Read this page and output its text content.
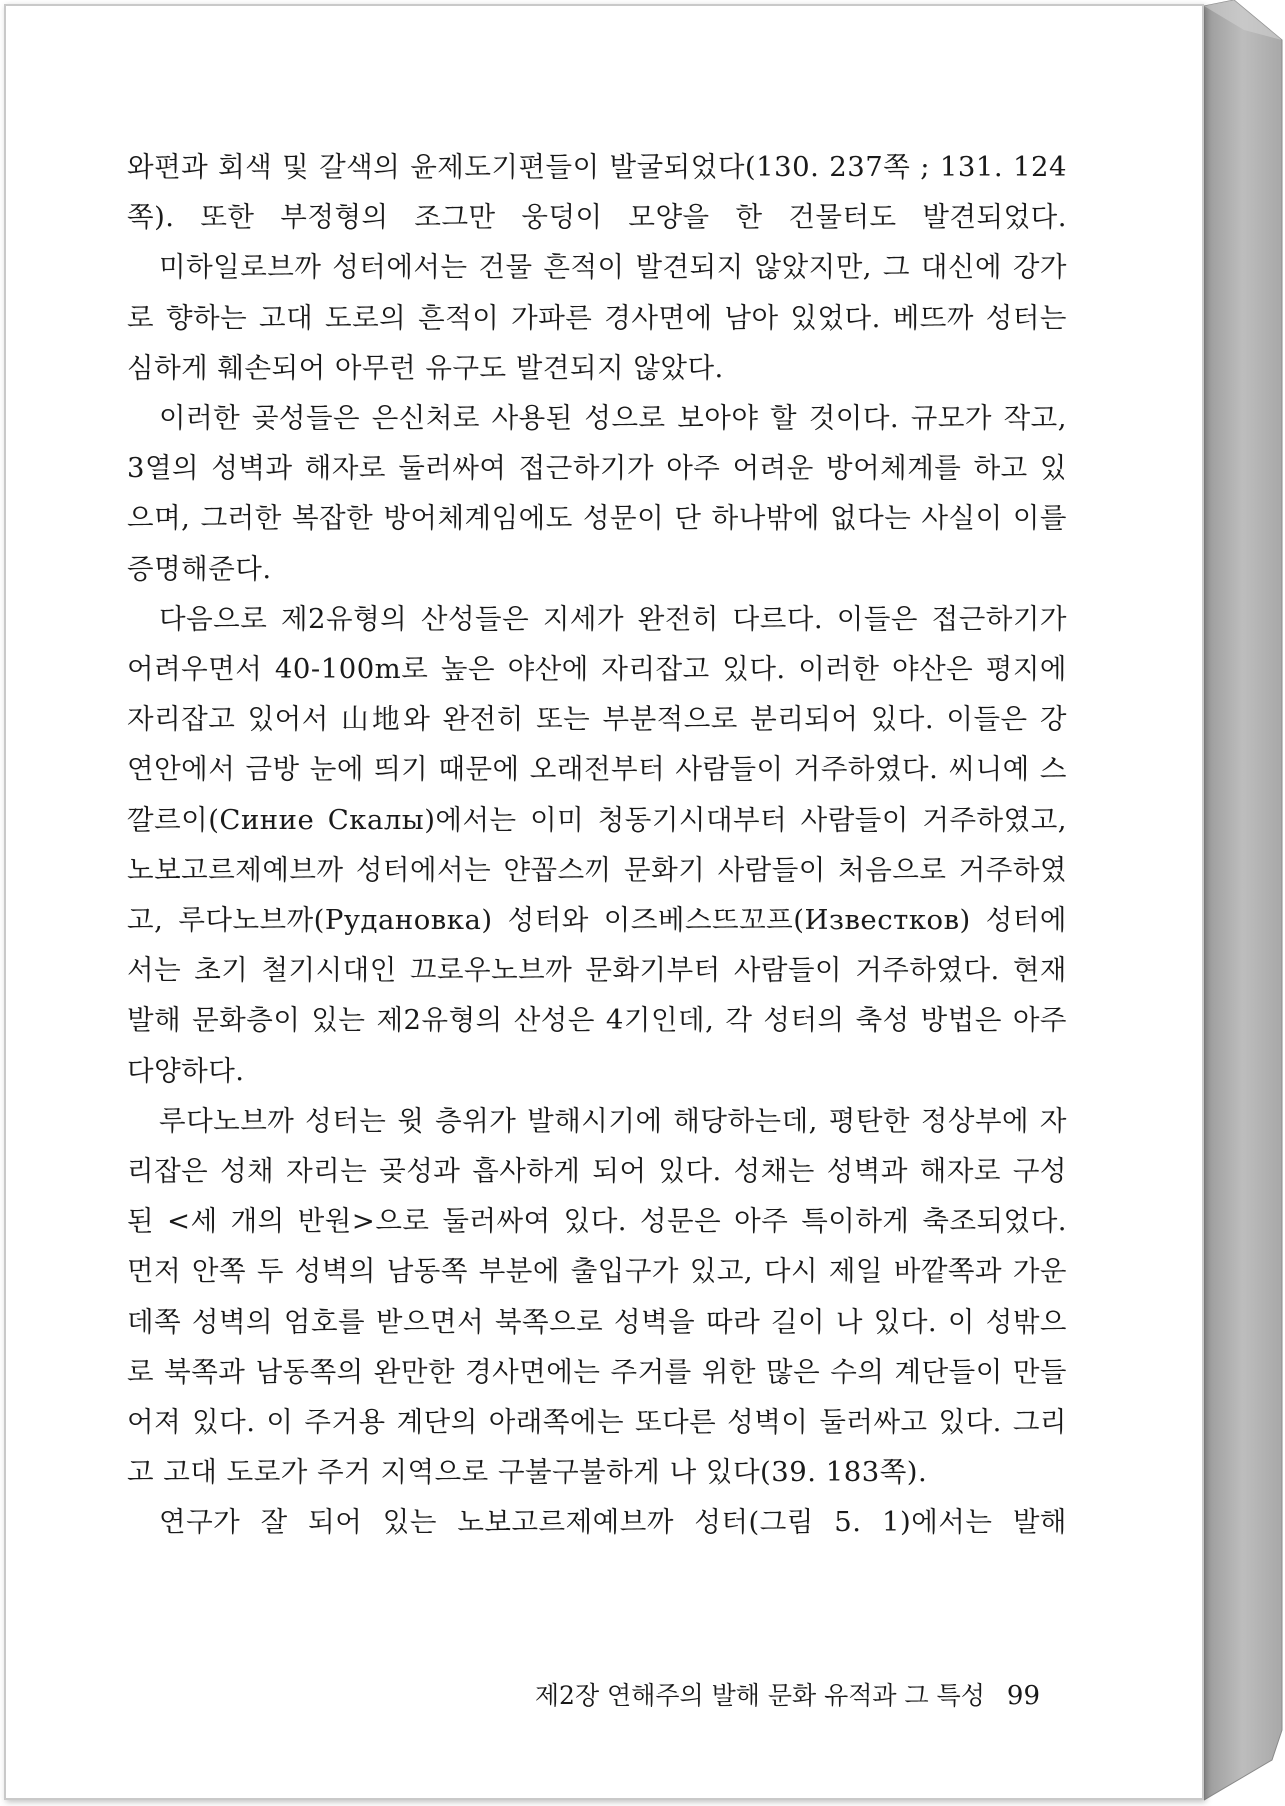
와편과 회색 및 갈색의 윤제도기편들이 발굴되었다(130. 237쪽 ; 131. 124쪽). 또한 부정형의 조그만 웅덩이 모양을 한 건물터도 발견되었다.

미하일로브까 성터에서는 건물 흔적이 발견되지 않았지만, 그 대신에 강가로 향하는 고대 도로의 흔적이 가파른 경사면에 남아 있었다. 베뜨까 성터는 심하게 훼손되어 아무런 유구도 발견되지 않았다.

이러한 곶성들은 은신처로 사용된 성으로 보아야 할 것이다. 규모가 작고, 3열의 성벽과 해자로 둘러싸여 접근하기가 아주 어려운 방어체계를 하고 있으며, 그러한 복잡한 방어체계임에도 성문이 단 하나밖에 없다는 사실이 이를 증명해준다.

다음으로 제2유형의 산성들은 지세가 완전히 다르다. 이들은 접근하기가 어려우면서 40-100m로 높은 야산에 자리잡고 있다. 이러한 야산은 평지에 자리잡고 있어서 山地와 완전히 또는 부분적으로 분리되어 있다. 이들은 강 연안에서 금방 눈에 띄기 때문에 오래전부터 사람들이 거주하였다. 씨니예 스깔르이(Синие Скалы)에서는 이미 청동기시대부터 사람들이 거주하였고, 노보고르제예브까 성터에서는 얀꼽스끼 문화기 사람들이 처음으로 거주하였고, 루다노브까(Рудановка) 성터와 이즈베스뜨꼬프(Известков) 성터에서는 초기 철기시대인 끄로우노브까 문화기부터 사람들이 거주하였다. 현재 발해 문화층이 있는 제2유형의 산성은 4기인데, 각 성터의 축성 방법은 아주 다양하다.

루다노브까 성터는 윗 층위가 발해시기에 해당하는데, 평탄한 정상부에 자리잡은 성채 자리는 곶성과 흡사하게 되어 있다. 성채는 성벽과 해자로 구성된 <세 개의 반원>으로 둘러싸여 있다. 성문은 아주 특이하게 축조되었다. 먼저 안쪽 두 성벽의 남동쪽 부분에 출입구가 있고, 다시 제일 바깥쪽과 가운데쪽 성벽의 엄호를 받으면서 북쪽으로 성벽을 따라 길이 나 있다. 이 성밖으로 북쪽과 남동쪽의 완만한 경사면에는 주거를 위한 많은 수의 계단들이 만들어져 있다. 이 주거용 계단의 아래쪽에는 또다른 성벽이 둘러싸고 있다. 그리고 고대 도로가 주거 지역으로 구불구불하게 나 있다(39. 183쪽).

연구가 잘 되어 있는 노보고르제예브까 성터(그림 5. 1)에서는 발해

제2장 연해주의 발해 문화 유적과 그 특성 99
